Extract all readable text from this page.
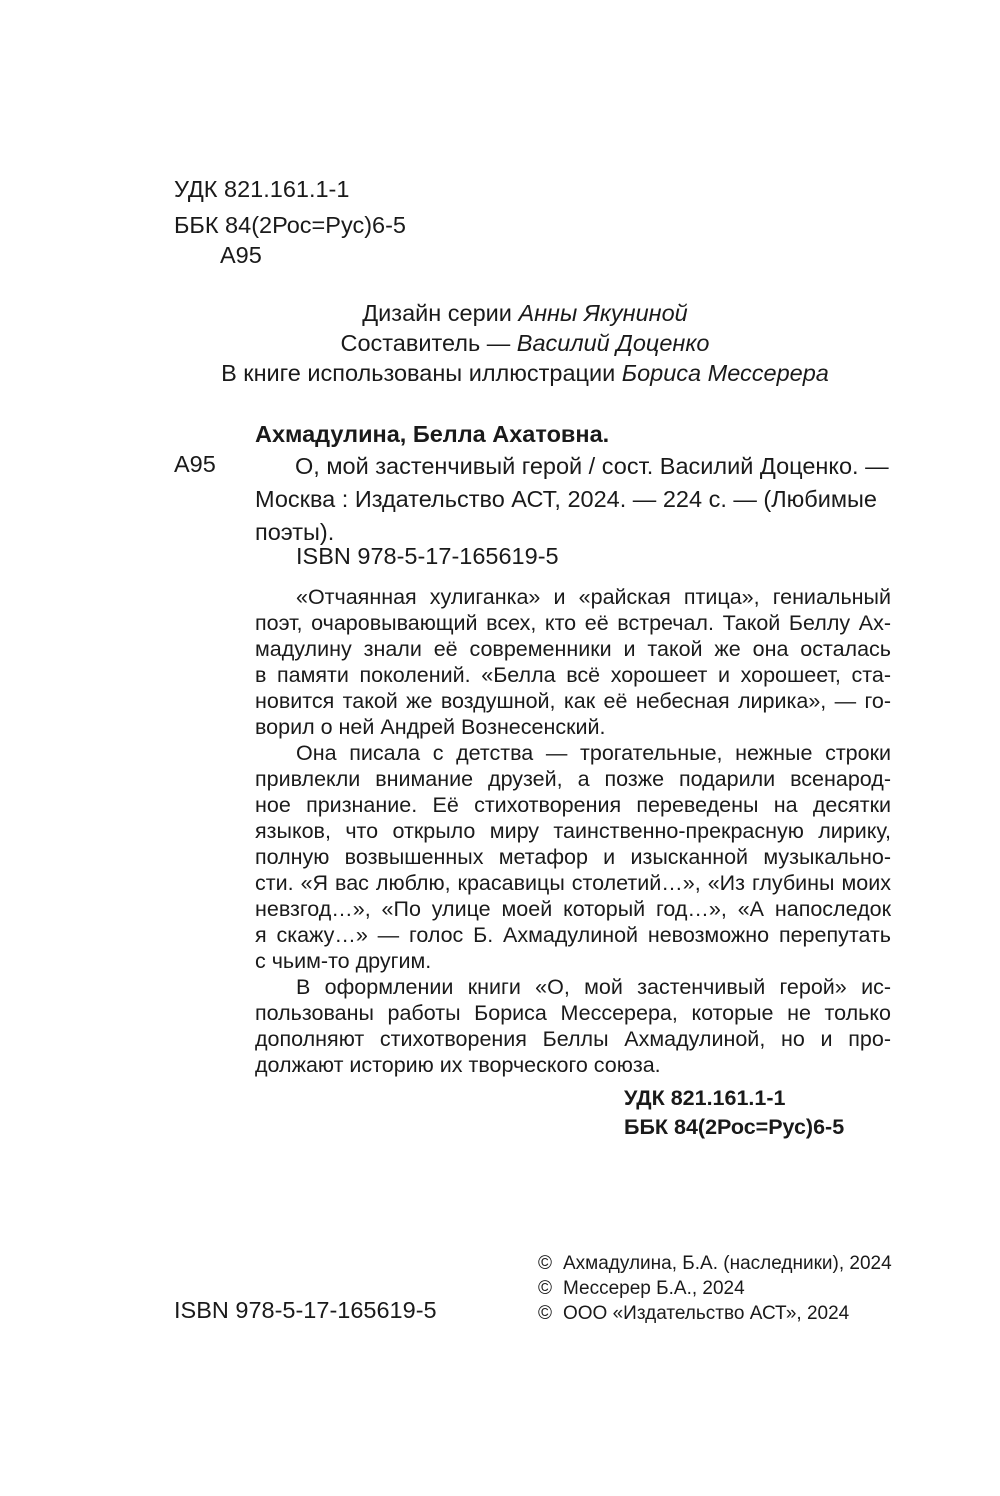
УДК 821.161.1-1
ББК 84(2Рос=Рус)6-5
А95
Дизайн серии Анны Якуниной
Составитель — Василий Доценко
В книге использованы иллюстрации Бориса Мессерера
Ахмадулина, Белла Ахатовна.
А95	О, мой застенчивый герой / сост. Василий Доценко. —
Москва : Издательство АСТ, 2024. — 224 с. — (Любимые
поэты).
ISBN 978-5-17-165619-5
«Отчаянная хулиганка» и «райская птица», гениальный
поэт, очаровывающий всех, кто её встречал. Такой Беллу Ах-
мадулину знали её современники и такой же она осталась
в памяти поколений. «Белла всё хорошеет и хорошеет, ста-
новится такой же воздушной, как её небесная лирика», — го-
ворил о ней Андрей Вознесенский.
Она писала с детства — трогательные, нежные строки
привлекли внимание друзей, а позже подарили всенарод-
ное признание. Её стихотворения переведены на десятки
языков, что открыло миру таинственно-прекрасную лирику,
полную возвышенных метафор и изысканной музыкально-
сти. «Я вас люблю, красавицы столетий…», «Из глубины моих
невзгод…», «По улице моей который год…», «А напоследок
я скажу…» — голос Б. Ахмадулиной невозможно перепутать
с чьим-то другим.
В оформлении книги «О, мой застенчивый герой» ис-
пользованы работы Бориса Мессерера, которые не только
дополняют стихотворения Беллы Ахмадулиной, но и про-
должают историю их творческого союза.
УДК 821.161.1-1
ББК 84(2Рос=Рус)6-5
ISBN 978-5-17-165619-5
© Ахмадулина, Б.А. (наследники), 2024
© Мессерер Б.А., 2024
© ООО «Издательство АСТ», 2024
